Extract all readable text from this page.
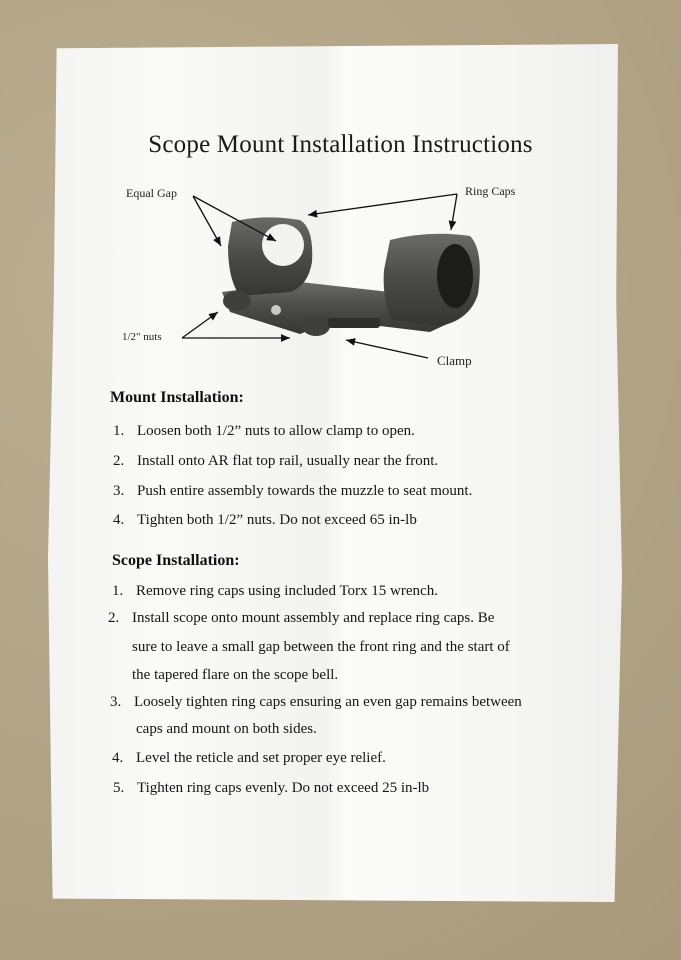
Scope Mount Installation Instructions
Equal Gap	Ring Caps
1/2" nuts
Clamp
Mount Installation:
1. Loosen both 1/2” nuts to allow clamp to open.
2. Install onto AR flat top rail, usually near the front.
3. Push entire assembly towards the muzzle to seat mount.
4. Tighten both 1/2” nuts. Do not exceed 65 in-lb
Scope Installation:
1. Remove ring caps using included Torx 15 wrench.
2. Install scope onto mount assembly and replace ring caps. Be
sure to leave a small gap between the front ring and the start of
the tapered flare on the scope bell.
3. Loosely tighten ring caps ensuring an even gap remains between
caps and mount on both sides.
4. Level the reticle and set proper eye relief.
5. Tighten ring caps evenly. Do not exceed 25 in-lb
